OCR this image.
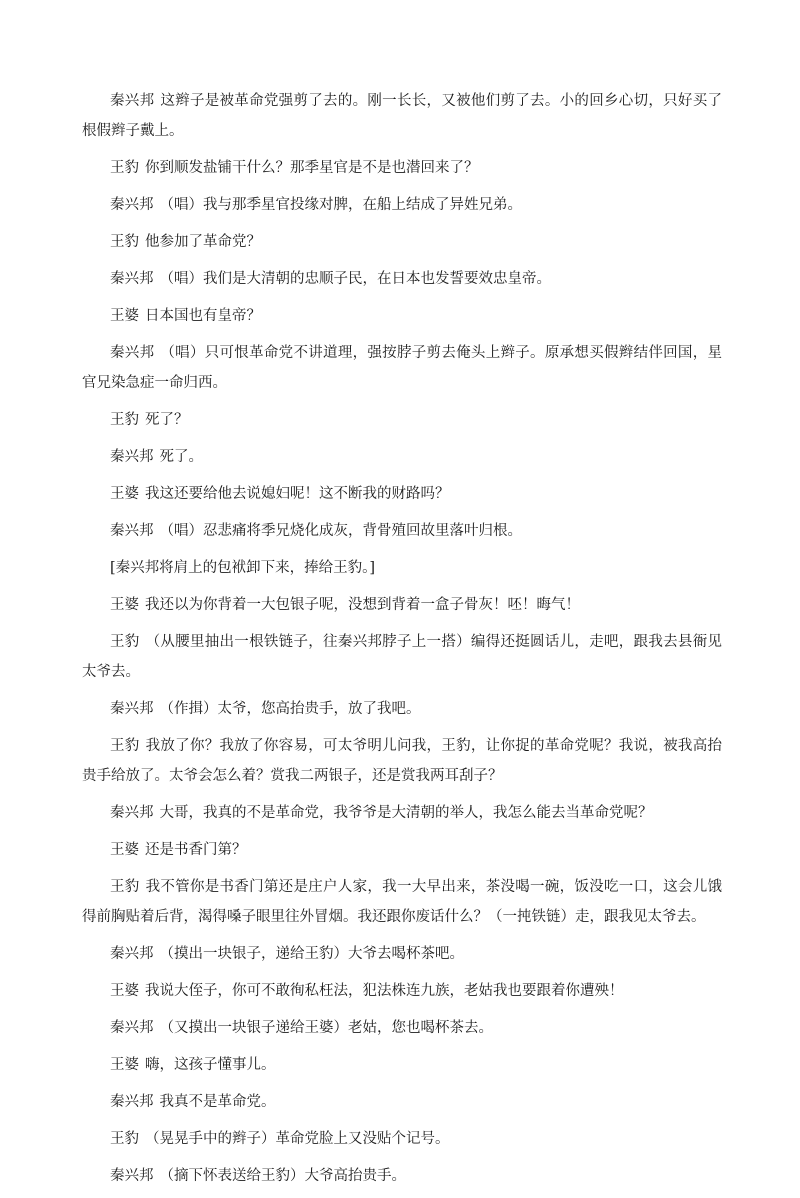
秦兴邦 这辫子是被革命党强剪了去的。刚一长长，又被他们剪了去。小的回乡心切，只好买了根假辫子戴上。

王豹 你到顺发盐铺干什么？那季星官是不是也潜回来了？

秦兴邦 （唱）我与那季星官投缘对脾，在船上结成了异姓兄弟。

王豹 他参加了革命党？

秦兴邦 （唱）我们是大清朝的忠顺子民，在日本也发誓要效忠皇帝。

王婆 日本国也有皇帝？

秦兴邦 （唱）只可恨革命党不讲道理，强按脖子剪去俺头上辫子。原承想买假辫结伴回国，星官兄染急症一命归西。

王豹 死了？

秦兴邦 死了。

王婆 我这还要给他去说媳妇呢！这不断我的财路吗？

秦兴邦 （唱）忍悲痛将季兄烧化成灰，背骨殖回故里落叶归根。

[秦兴邦将肩上的包袱卸下来，捧给王豹。]

王婆 我还以为你背着一大包银子呢，没想到背着一盒子骨灰！呸！晦气！

王豹 （从腰里抽出一根铁链子，往秦兴邦脖子上一搭）编得还挺圆话儿，走吧，跟我去县衙见太爷去。

秦兴邦 （作揖）太爷，您高抬贵手，放了我吧。

王豹 我放了你？我放了你容易，可太爷明儿问我，王豹，让你捉的革命党呢？我说，被我高抬贵手给放了。太爷会怎么着？赏我二两银子，还是赏我两耳刮子？

秦兴邦 大哥，我真的不是革命党，我爷爷是大清朝的举人，我怎么能去当革命党呢？

王婆 还是书香门第？

王豹 我不管你是书香门第还是庄户人家，我一大早出来，茶没喝一碗，饭没吃一口，这会儿饿得前胸贴着后背，渴得嗓子眼里往外冒烟。我还跟你废话什么？（一扽铁链）走，跟我见太爷去。

秦兴邦 （摸出一块银子，递给王豹）大爷去喝杯茶吧。

王婆 我说大侄子，你可不敢徇私枉法，犯法株连九族，老姑我也要跟着你遭殃！

秦兴邦 （又摸出一块银子递给王婆）老姑，您也喝杯茶去。

王婆 嗨，这孩子懂事儿。

秦兴邦 我真不是革命党。

王豹 （晃晃手中的辫子）革命党脸上又没贴个记号。

秦兴邦 （摘下怀表送给王豹）大爷高抬贵手。
